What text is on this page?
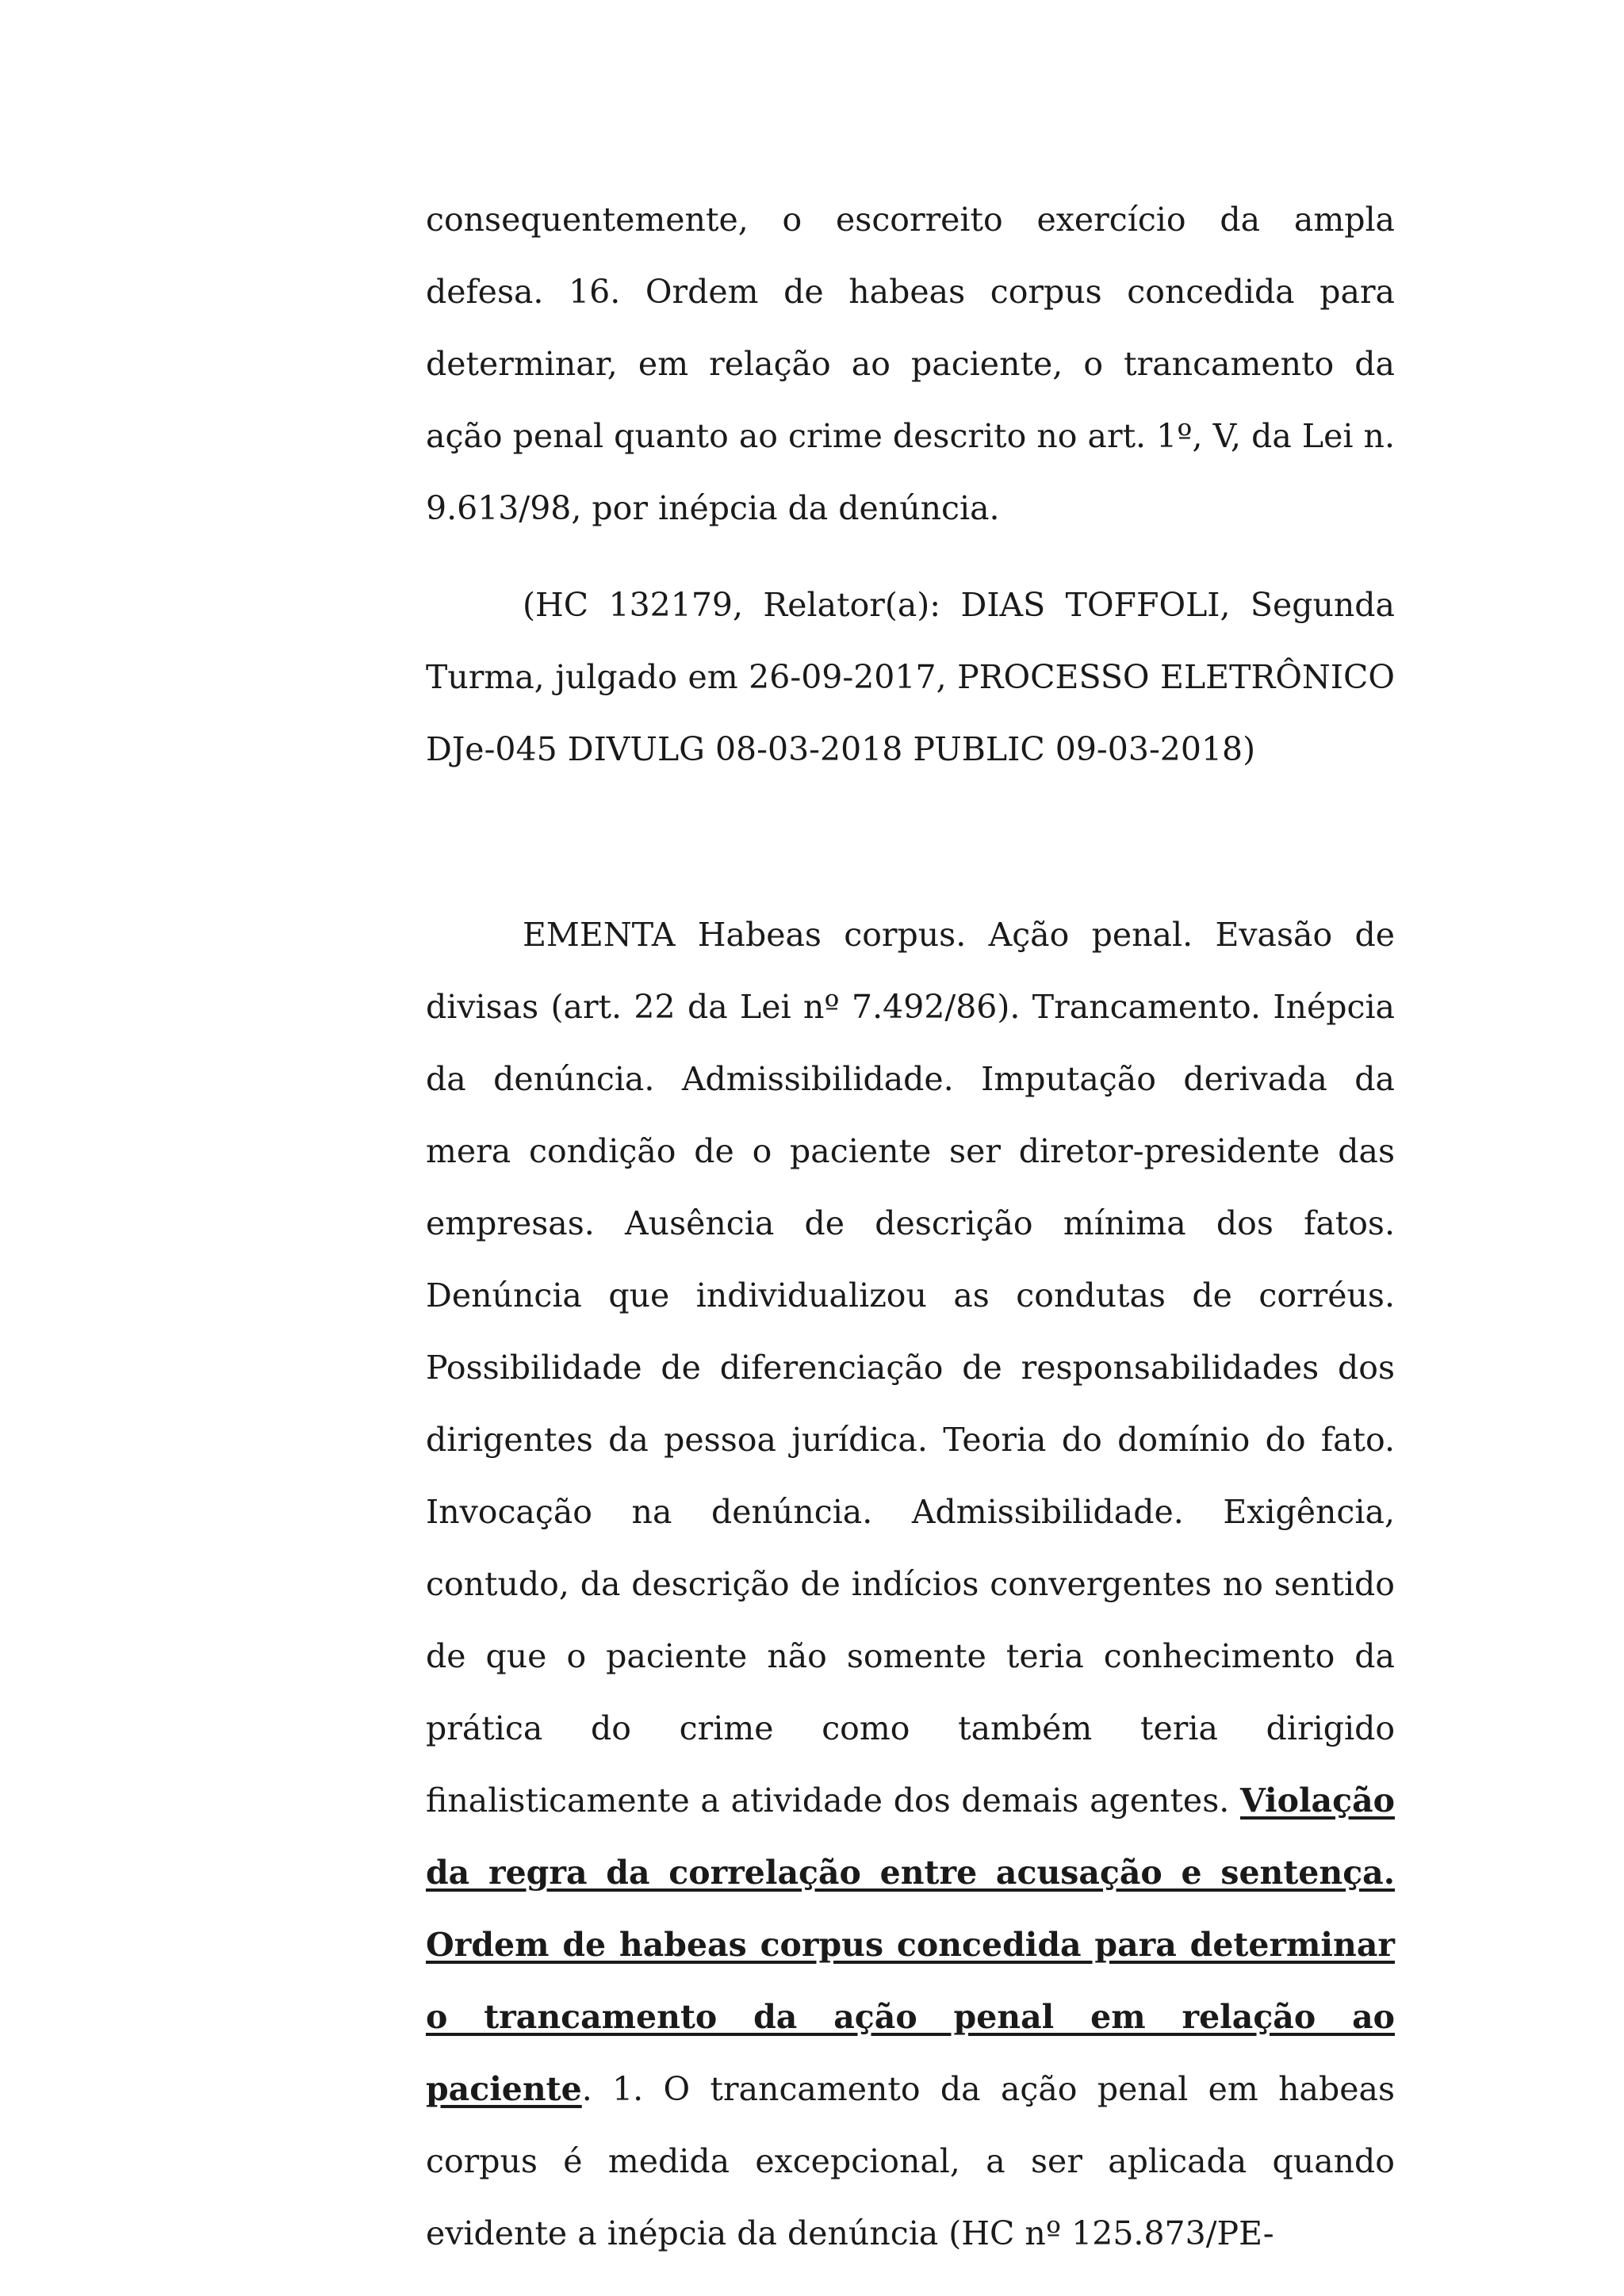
consequentemente, o escorreito exercício da ampla defesa. 16. Ordem de habeas corpus concedida para determinar, em relação ao paciente, o trancamento da ação penal quanto ao crime descrito no art. 1º, V, da Lei n. 9.613/98, por inépcia da denúncia.

(HC 132179, Relator(a): DIAS TOFFOLI, Segunda Turma, julgado em 26-09-2017, PROCESSO ELETRÔNICO DJe-045 DIVULG 08-03-2018 PUBLIC 09-03-2018)

EMENTA Habeas corpus. Ação penal. Evasão de divisas (art. 22 da Lei nº 7.492/86). Trancamento. Inépcia da denúncia. Admissibilidade. Imputação derivada da mera condição de o paciente ser diretor-presidente das empresas. Ausência de descrição mínima dos fatos. Denúncia que individualizou as condutas de corréus. Possibilidade de diferenciação de responsabilidades dos dirigentes da pessoa jurídica. Teoria do domínio do fato. Invocação na denúncia. Admissibilidade. Exigência, contudo, da descrição de indícios convergentes no sentido de que o paciente não somente teria conhecimento da prática do crime como também teria dirigido finalisticamente a atividade dos demais agentes. Violação da regra da correlação entre acusação e sentença. Ordem de habeas corpus concedida para determinar o trancamento da ação penal em relação ao paciente. 1. O trancamento da ação penal em habeas corpus é medida excepcional, a ser aplicada quando evidente a inépcia da denúncia (HC nº 125.873/PE-
